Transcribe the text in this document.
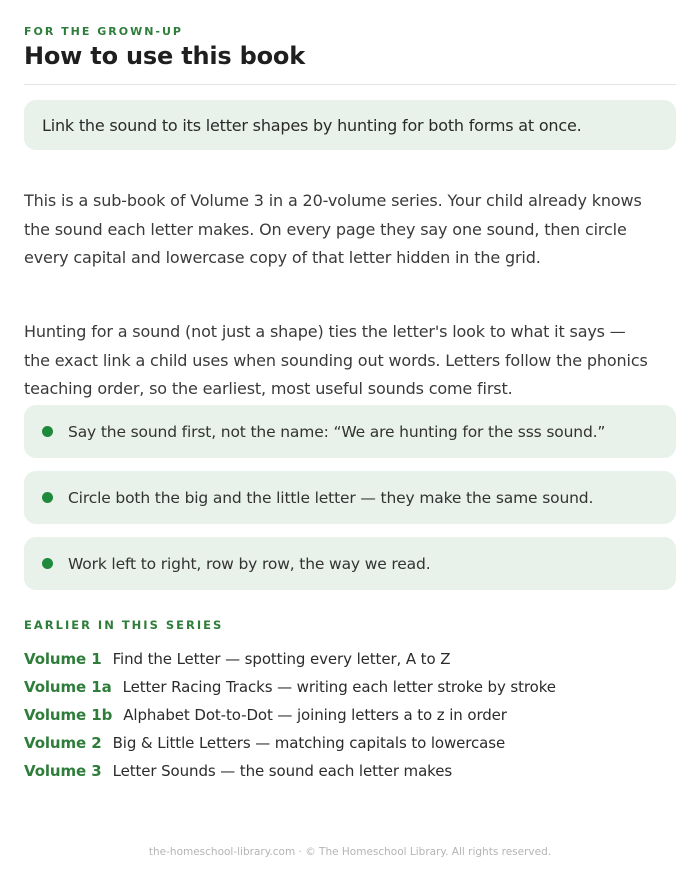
FOR THE GROWN-UP
How to use this book
Link the sound to its letter shapes by hunting for both forms at once.

This is a sub-book of Volume 3 in a 20-volume series. Your child already knows the sound each letter makes. On every page they say one sound, then circle every capital and lowercase copy of that letter hidden in the grid.

Hunting for a sound (not just a shape) ties the letter's look to what it says — the exact link a child uses when sounding out words. Letters follow the phonics teaching order, so the earliest, most useful sounds come first.

Say the sound first, not the name: “We are hunting for the sss sound.”
Circle both the big and the little letter — they make the same sound.
Work left to right, row by row, the way we read.
EARLIER IN THIS SERIES
Volume 1 Find the Letter — spotting every letter, A to Z
Volume 1a Letter Racing Tracks — writing each letter stroke by stroke
Volume 1b Alphabet Dot-to-Dot — joining letters a to z in order
Volume 2 Big & Little Letters — matching capitals to lowercase
Volume 3 Letter Sounds — the sound each letter makes
the-homeschool-library.com · © The Homeschool Library. All rights reserved.
